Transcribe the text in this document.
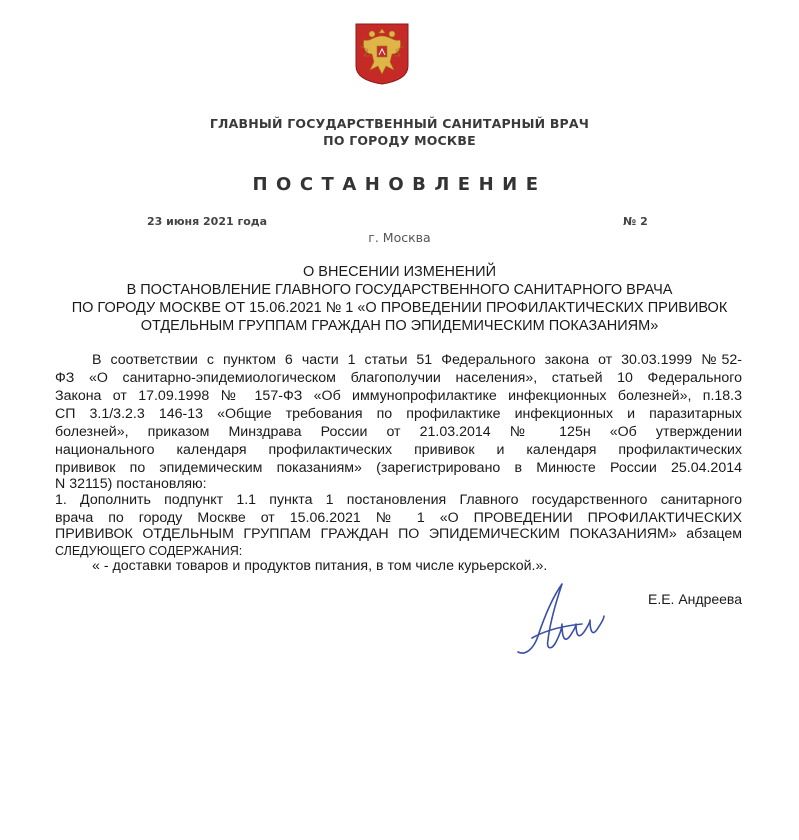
ГЛАВНЫЙ ГОСУДАРСТВЕННЫЙ САНИТАРНЫЙ ВРАЧ
ПО ГОРОДУ МОСКВЕ
ПОСТАНОВЛЕНИЕ
23 июня 2021 года	№ 2
г. Москва
О ВНЕСЕНИИ ИЗМЕНЕНИЙ
В ПОСТАНОВЛЕНИЕ ГЛАВНОГО ГОСУДАРСТВЕННОГО САНИТАРНОГО ВРАЧА
ПО ГОРОДУ МОСКВЕ ОТ 15.06.2021 № 1 «О ПРОВЕДЕНИИ ПРОФИЛАКТИЧЕСКИХ ПРИВИВОК
ОТДЕЛЬНЫМ ГРУППАМ ГРАЖДАН ПО ЭПИДЕМИЧЕСКИМ ПОКАЗАНИЯМ»
В соответствии с пунктом 6 части 1 статьи 51 Федерального закона от 30.03.1999 №52-
ФЗ «О санитарно-эпидемиологическом благополучии населения», статьей 10 Федерального
Закона от 17.09.1998 № 157-ФЗ «Об иммунопрофилактике инфекционных болезней», п.18.3
СП 3.1/3.2.3 146-13 «Общие требования по профилактике инфекционных и паразитарных
болезней», приказом Минздрава России от 21.03.2014 № 125н «Об утверждении
национального календаря профилактических прививок и календаря профилактических
прививок по эпидемическим показаниям» (зарегистрировано в Минюсте России 25.04.2014
N 32115) постановляю:
1. Дополнить подпункт 1.1 пункта 1 постановления Главного государственного санитарного
врача по городу Москве от 15.06.2021 № 1 «О ПРОВЕДЕНИИ ПРОФИЛАКТИЧЕСКИХ
ПРИВИВОК ОТДЕЛЬНЫМ ГРУППАМ ГРАЖДАН ПО ЭПИДЕМИЧЕСКИМ ПОКАЗАНИЯМ» абзацем
СЛЕДУЮЩЕГО СОДЕРЖАНИЯ:
« - доставки товаров и продуктов питания, в том числе курьерской.».
Е.Е. Андреева
